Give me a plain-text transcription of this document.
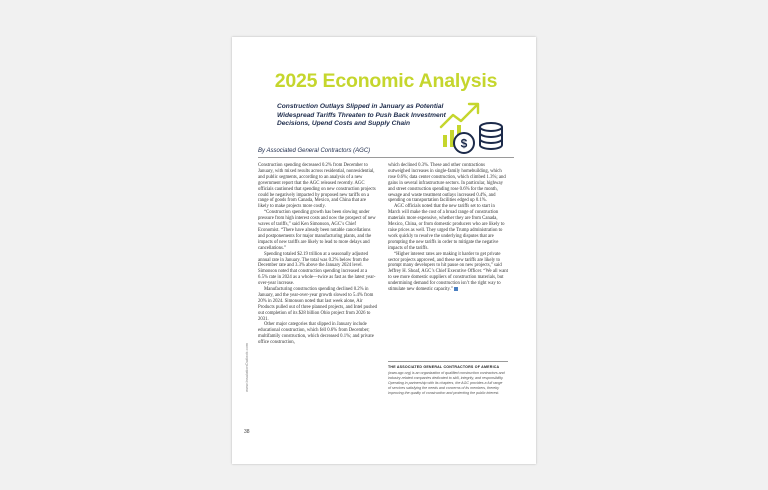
2025 Economic Analysis
Construction Outlays Slipped in January as Potential Widespread Tariffs Threaten to Push Back Investment Decisions, Upend Costs and Supply Chain
$
By Associated General Contractors (AGC)

Construction spending decreased 0.2% from December to January, with mixed results across residential, nonresidential, and public segments, according to an analysis of a new government report that the AGC released recently. AGC officials cautioned that spending on new construction projects could be negatively impacted by proposed new tariffs on a range of goods from Canada, Mexico, and China that are likely to make projects more costly.

“Construction spending growth has been slowing under pressure from high interest costs and now the prospect of new waves of tariffs,” said Ken Simonson, AGC’s Chief Economist. “There have already been notable cancellations and postponements for major manufacturing plants, and the impacts of new tariffs are likely to lead to more delays and cancellations.”

Spending totaled $2.19 trillion at a seasonally adjusted annual rate in January. The total was 0.2% below from the December rate and 3.3% above the January 2024 level. Simonson noted that construction spending increased at a 6.5% rate in 2024 as a whole—twice as fast as the latest year-over-year increase.

Manufacturing construction spending declined 0.2% in January, and the year-over-year growth slowed to 5.4% from 20% in 2024. Simonson noted that last week alone, Air Products pulled out of three planned projects, and Intel pushed out completion of its $28 billion Ohio project from 2026 to 2031.

Other major categories that slipped in January include educational construction, which fell 0.6% from December; multifamily construction, which decreased 0.1%; and private office construction,

which declined 0.3%. These and other contractions outweighed increases in single-family homebuilding, which rose 0.6%; data center construction, which climbed 1.3%; and gains in several infrastructure sectors. In particular, highway and street construction spending rose 0.6% for the month, sewage and waste treatment outlays increased 0.4%, and spending on transportation facilities edged up 0.1%.

AGC officials noted that the new tariffs set to start in March will make the cost of a broad range of construction materials more expensive, whether they are from Canada, Mexico, China, or from domestic producers who are likely to raise prices as well. They urged the Trump administration to work quickly to resolve the underlying disputes that are prompting the new tariffs in order to mitigate the negative impacts of the tariffs.

“Higher interest rates are making it harder to get private sector projects approved, and these new tariffs are likely to prompt many developers to hit pause on new projects,” said Jeffrey H. Shoaf, AGC’s Chief Executive Officer. “We all want to see more domestic suppliers of construction materials, but undermining demand for construction isn’t the right way to stimulate new domestic capacity.”

THE ASSOCIATED GENERAL CONTRACTORS OF AMERICA
(www.agc.org) is an organization of qualified construction contractors and industry-related companies dedicated to skill, integrity, and responsibility. Operating in partnership with its chapters, the AGC provides a full range of services satisfying the needs and concerns of its members, thereby improving the quality of construction and protecting the public interest.
www.InsulationOutlook.com
38
